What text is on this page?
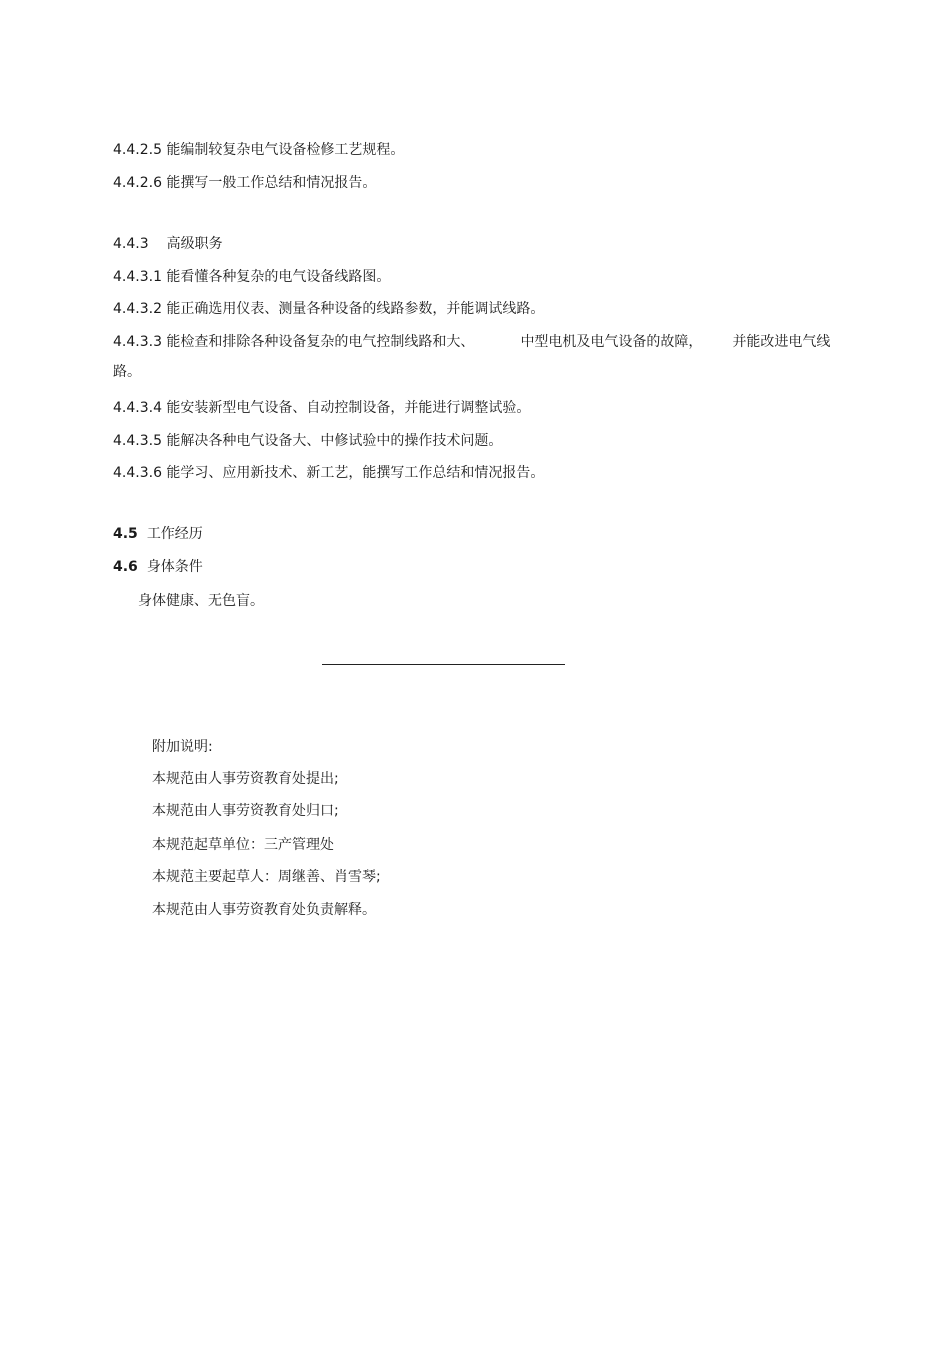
4.4.2.5 能编制较复杂电气设备检修工艺规程。
4.4.2.6 能撰写一般工作总结和情况报告。
4.4.3 高级职务
4.4.3.1 能看懂各种复杂的电气设备线路图。
4.4.3.2 能正确选用仪表、测量各种设备的线路参数，并能调试线路。
4.4.3.3 能检查和排除各种设备复杂的电气控制线路和大、	中型电机及电气设备的故障， 并能改进电气线
路。
4.4.3.4 能安装新型电气设备、自动控制设备，并能进行调整试验。
4.4.3.5 能解决各种电气设备大、中修试验中的操作技术问题。
4.4.3.6 能学习、应用新技术、新工艺，能撰写工作总结和情况报告。
4.5 工作经历
4.6 身体条件
身体健康、无色盲。
附加说明:
本规范由人事劳资教育处提出;
本规范由人事劳资教育处归口;
本规范起草单位：三产管理处
本规范主要起草人：周继善、肖雪琴;
本规范由人事劳资教育处负责解释。
